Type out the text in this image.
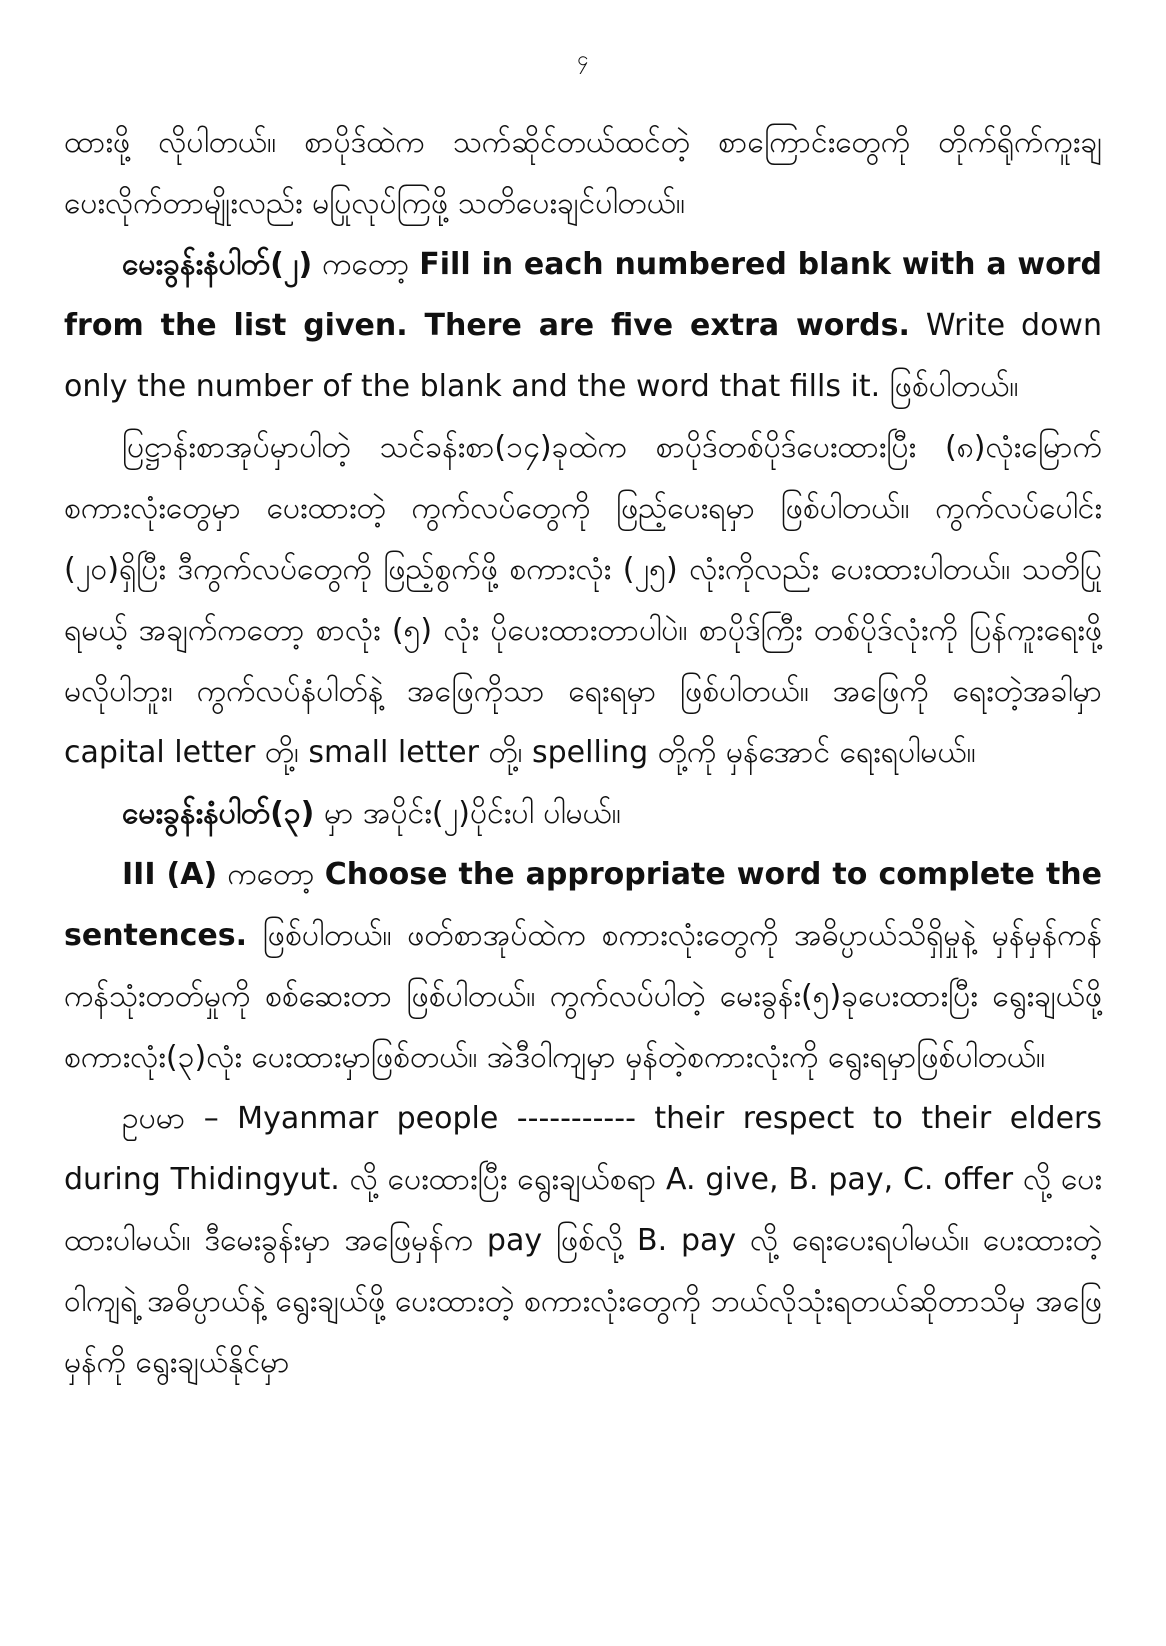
၄

ထားဖို့ လိုပါတယ်။ စာပိုဒ်ထဲက သက်ဆိုင်တယ်ထင်တဲ့ စာကြောင်းတွေကို တိုက်ရိုက်ကူးချပေးလိုက်တာမျိုးလည်း မပြုလုပ်ကြဖို့ သတိပေးချင်ပါတယ်။

မေးခွန်းနံပါတ်(၂) ကတော့ Fill in each numbered blank with a word from the list given. There are five extra words. Write down only the number of the blank and the word that fills it. ဖြစ်ပါတယ်။

ပြဋ္ဌာန်းစာအုပ်မှာပါတဲ့ သင်ခန်းစာ(၁၄)ခုထဲက စာပိုဒ်တစ်ပိုဒ်ပေးထားပြီး (၈)လုံးမြောက် စကားလုံးတွေမှာ ပေးထားတဲ့ ကွက်လပ်တွေကို ဖြည့်ပေးရမှာ ဖြစ်ပါတယ်။ ကွက်လပ်ပေါင်း (၂၀)ရှိပြီး ဒီကွက်လပ်တွေကို ဖြည့်စွက်ဖို့ စကားလုံး (၂၅) လုံးကိုလည်း ပေးထားပါတယ်။ သတိပြုရမယ့် အချက်ကတော့ စာလုံး (၅) လုံး ပိုပေးထားတာပါပဲ။ စာပိုဒ်ကြီး တစ်ပိုဒ်လုံးကို ပြန်ကူးရေးဖို့ မလိုပါဘူး၊ ကွက်လပ်နံပါတ်နဲ့ အဖြေကိုသာ ရေးရမှာ ဖြစ်ပါတယ်။ အဖြေကို ရေးတဲ့အခါမှာ capital letter တို့၊ small letter တို့၊ spelling တို့ကို မှန်အောင် ရေးရပါမယ်။

မေးခွန်းနံပါတ်(၃) မှာ အပိုင်း(၂)ပိုင်းပါ ပါမယ်။

III (A) ကတော့ Choose the appropriate word to complete the sentences. ဖြစ်ပါတယ်။ ဖတ်စာအုပ်ထဲက စကားလုံးတွေကို အဓိပ္ပာယ်သိရှိမှုနဲ့ မှန်မှန်ကန်ကန်သုံးတတ်မှုကို စစ်ဆေးတာ ဖြစ်ပါတယ်။ ကွက်လပ်ပါတဲ့ မေးခွန်း(၅)ခုပေးထားပြီး ရွေးချယ်ဖို့ စကားလုံး(၃)လုံး ပေးထားမှာဖြစ်တယ်။ အဲဒီဝါကျမှာ မှန်တဲ့စကားလုံးကို ရွေးရမှာဖြစ်ပါတယ်။

ဥပမာ – Myanmar people ----------- their respect to their elders during Thidingyut. လို့ ပေးထားပြီး ရွေးချယ်စရာ A. give, B. pay, C. offer လို့ ပေးထားပါမယ်။ ဒီမေးခွန်းမှာ အဖြေမှန်က pay ဖြစ်လို့ B. pay လို့ ရေးပေးရပါမယ်။ ပေးထားတဲ့ ဝါကျရဲ့ အဓိပ္ပာယ်နဲ့ ရွေးချယ်ဖို့ ပေးထားတဲ့ စကားလုံးတွေကို ဘယ်လိုသုံးရတယ်ဆိုတာသိမှ အဖြေမှန်ကို ရွေးချယ်နိုင်မှာ
